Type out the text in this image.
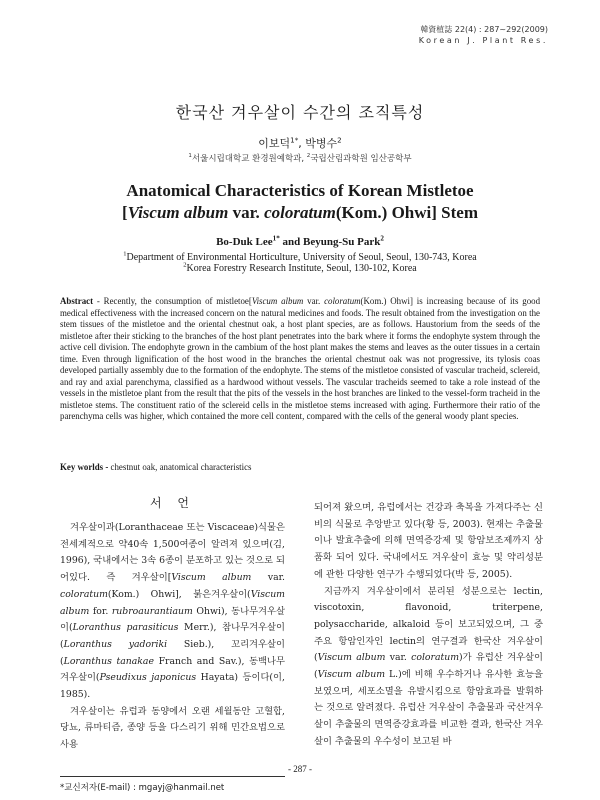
韓資植誌 22(4) : 287~292(2009)
Korean J. Plant Res.
한국산 겨우살이 수간의 조직특성
이보덕$^{1*}$, 박병수$^2$
$^1$서울시립대학교 환경원예학과, $^2$국립산림과학원 임산공학부
Anatomical Characteristics of Korean Mistletoe
[Viscum album var. coloratum(Kom.) Ohwi] Stem
Bo-Duk Lee$^{1*}$ and Beyung-Su Park$^2$
$^1$Department of Environmental Horticulture, University of Seoul, Seoul, 130-743, Korea
$^2$Korea Forestry Research Institute, Seoul, 130-102, Korea
Abstract - Recently, the consumption of mistletoe[Viscum album var. coloratum(Kom.) Ohwi] is increasing because of its good medical effectiveness with the increased concern on the natural medicines and foods. The result obtained from the investigation on the stem tissues of the mistletoe and the oriental chestnut oak, a host plant species, are as follows. Haustorium from the seeds of the mistletoe after their sticking to the branches of the host plant penetrates into the bark where it forms the endophyte system through the active cell division. The endophyte grown in the cambium of the host plant makes the stems and leaves as the outer tissues in a certain time. Even through lignification of the host wood in the branches the oriental chestnut oak was not progressive, its tylosis coas developed partially assembly due to the formation of the endophyte. The stems of the mistletoe consisted of vascular tracheid, sclereid, and ray and axial parenchyma, classified as a hardwood without vessels. The vascular tracheids seemed to take a role instead of the vessels in the mistletoe plant from the result that the pits of the vessels in the host branches are linked to the vessel-form tracheid in the mistletoe stems. The constituent ratio of the sclereid cells in the mistletoe stems increased with aging. Furthermore their ratio of the parenchyma cells was higher, which contained the more cell content, compared with the cells of the general woody plant species.
Key worlds - chestnut oak, anatomical characteristics
서 언

겨우살이과(Loranthaceae 또는 Viscaceae)식물은 전세계적으로 약40속 1,500여종이 알려져 있으며(김, 1996), 국내에서는 3속 6종이 분포하고 있는 것으로 되어있다. 즉 겨우살이[Viscum album var. coloratum(Kom.) Ohwi], 붉은겨우살이(Viscum album for. rubroaurantiaum Ohwi), 동나무겨우살이(Loranthus parasiticus Merr.), 참나무겨우살이(Loranthus yadoriki Sieb.), 꼬리겨우살이(Loranthus tanakae Franch and Sav.), 동백나무겨우살이(Pseudixus japonicus Hayata) 등이다(이, 1985).

겨우살이는 유럽과 동양에서 오랜 세월동안 고혈합, 당뇨, 류마티즘, 종양 등을 다스리기 위해 민간요법으로 사용

되어져 왔으며, 유럽에서는 건강과 축복을 가져다주는 신비의 식물로 추앙받고 있다(황 등, 2003). 현재는 추출물이나 발효추출에 의해 면역증강제 및 항암보조제까지 상품화 되어 있다. 국내에서도 겨우살이 효능 및 약리성분에 관한 다양한 연구가 수행되었다(박 등, 2005).

지금까지 겨우살이에서 분리된 성분으로는 lectin, viscotoxin, flavonoid, triterpene, polysaccharide, alkaloid 등이 보고되었으며, 그 중 주요 항암인자인 lectin의 연구결과 한국산 겨우살이(Viscum album var. coloratum)가 유럽산 겨우살이(Viscum album L.)에 비해 우수하거나 유사한 효능을 보였으며, 세포소멸을 유발시킴으로 항암효과를 발휘하는 것으로 알려졌다. 유럽산 겨우살이 추출물과 국산겨우살이 추출물의 면역증강효과를 비교한 결과, 한국산 겨우살이 추출물의 우수성이 보고된 바

- 287 -
*교신저자(E-mail) : mgayj@hanmail.net
